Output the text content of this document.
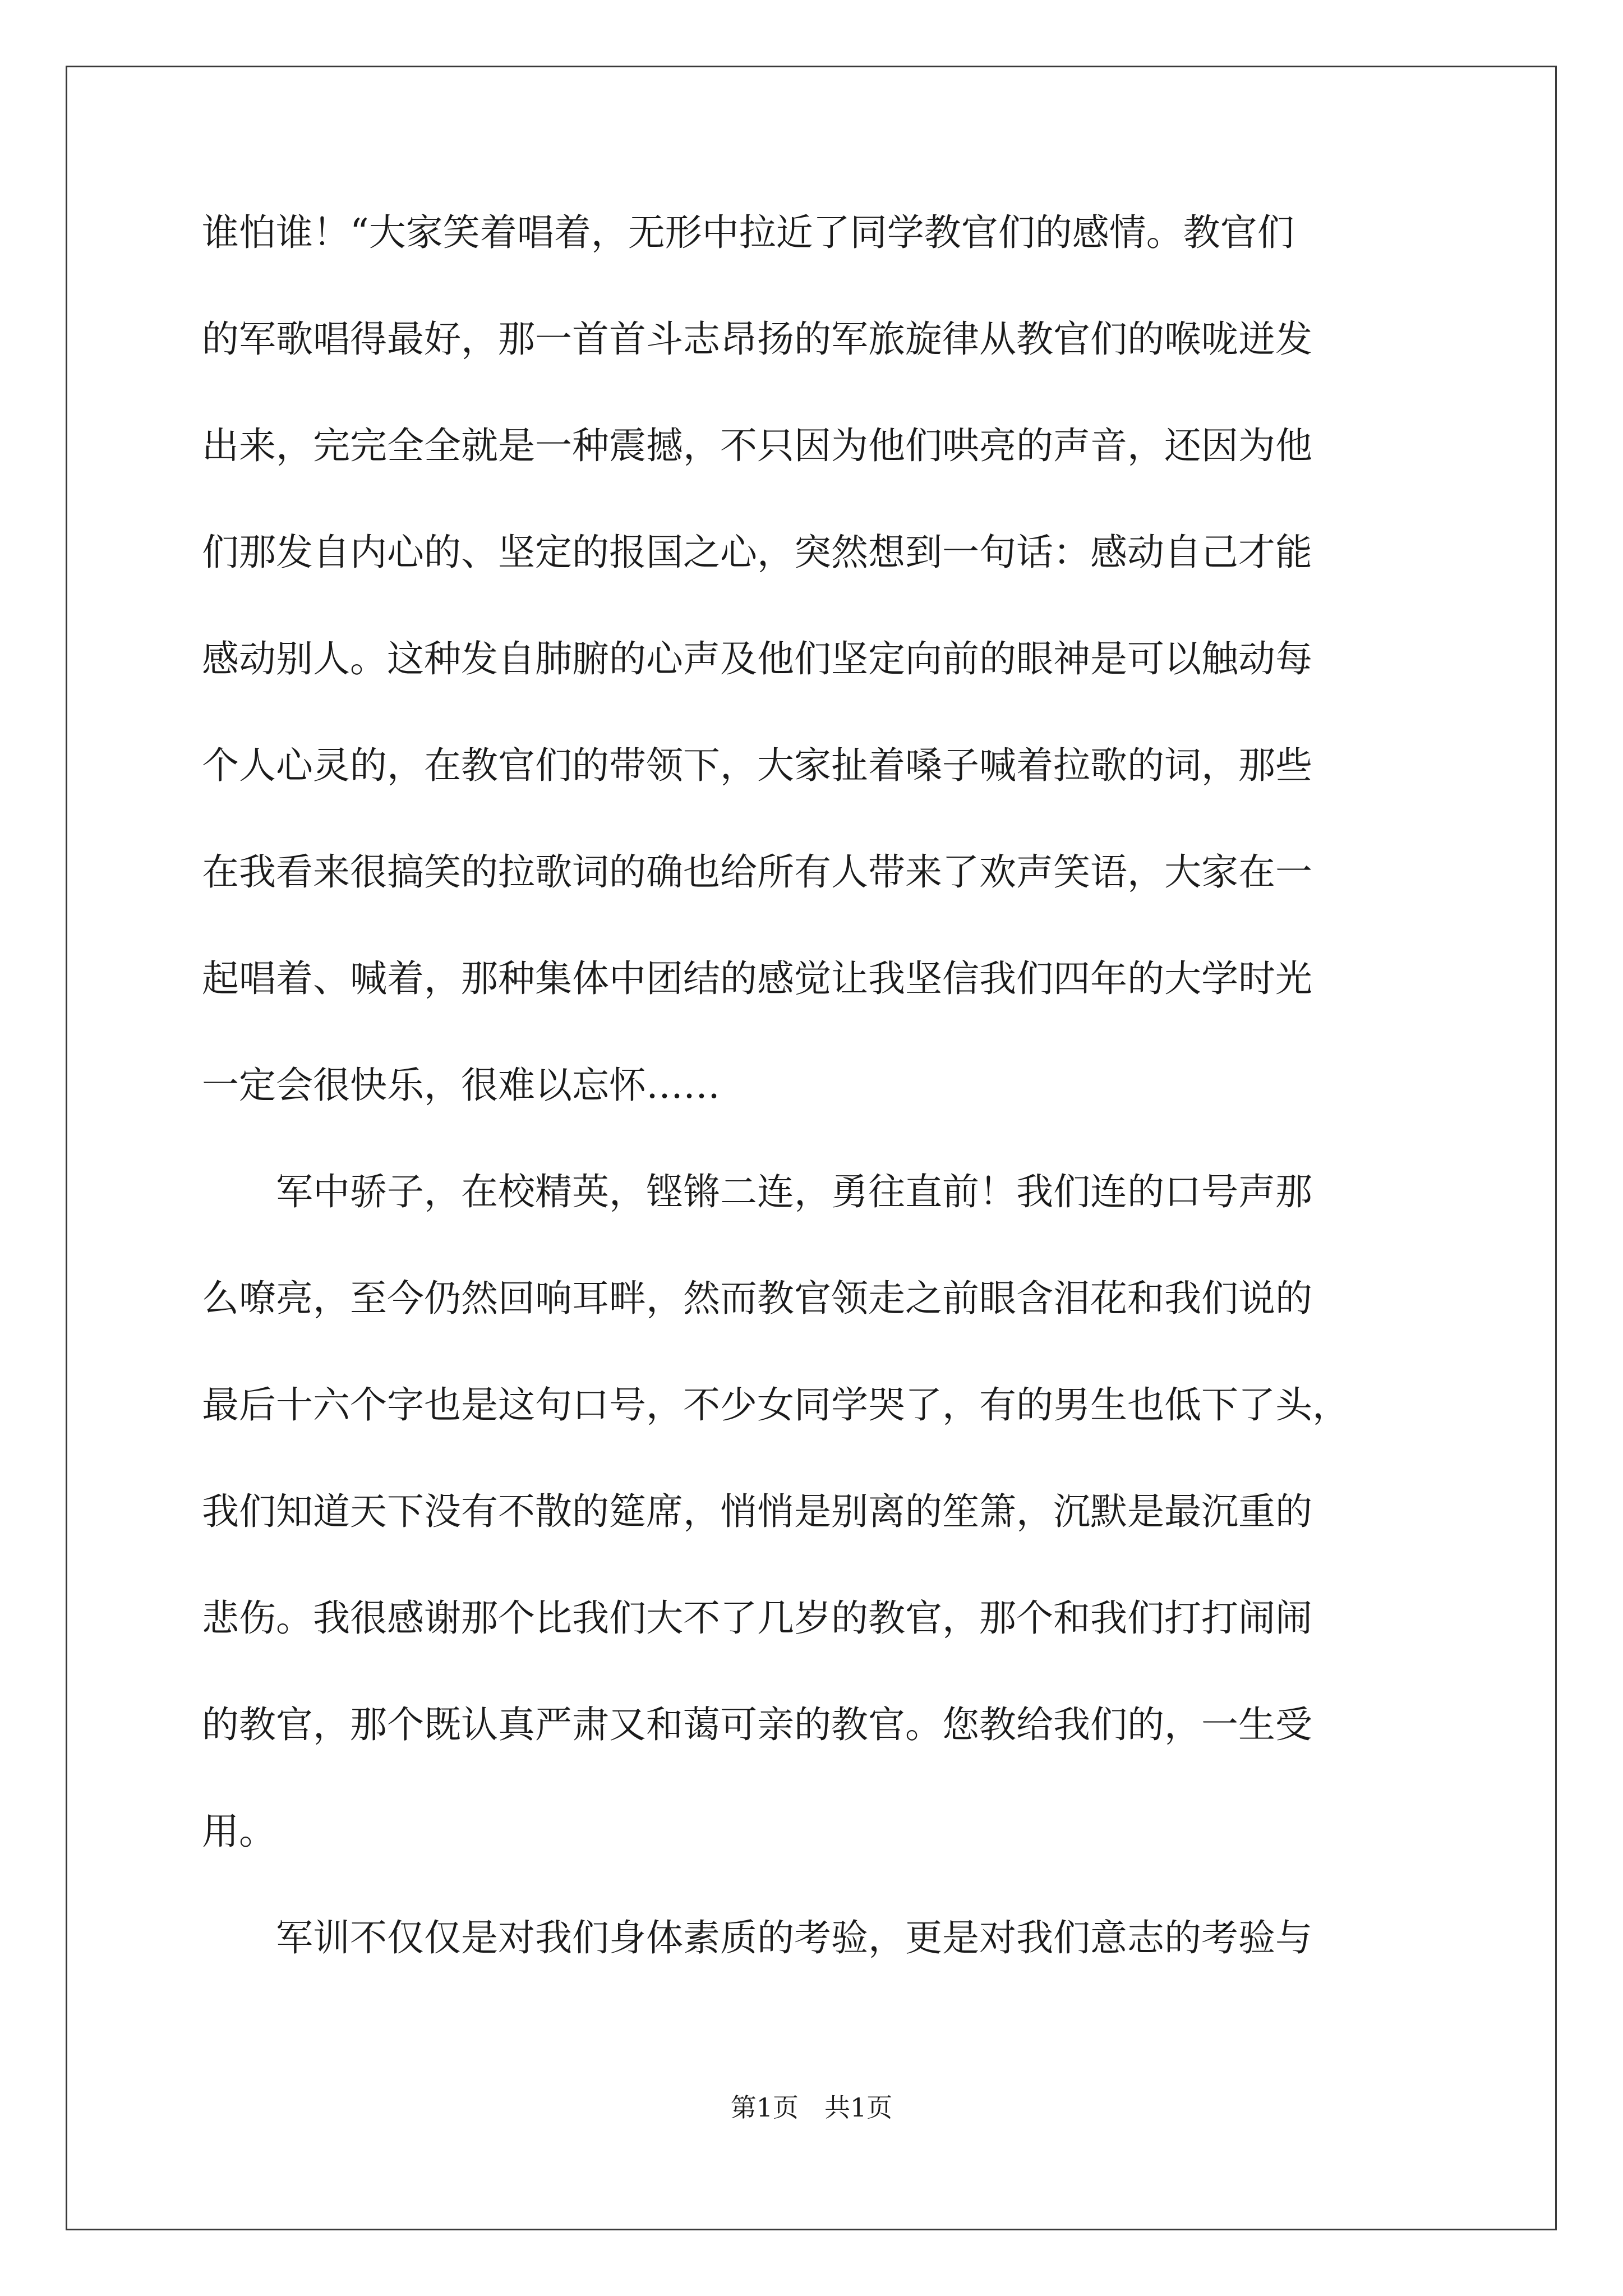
谁怕谁！“大家笑着唱着，无形中拉近了同学教官们的感情。教官们
的军歌唱得最好，那一首首斗志昂扬的军旅旋律从教官们的喉咙迸发
出来，完完全全就是一种震撼，不只因为他们哄亮的声音，还因为他
们那发自内心的、坚定的报国之心，突然想到一句话：感动自己才能
感动别人。这种发自肺腑的心声及他们坚定向前的眼神是可以触动每
个人心灵的，在教官们的带领下，大家扯着嗓子喊着拉歌的词，那些
在我看来很搞笑的拉歌词的确也给所有人带来了欢声笑语，大家在一
起唱着、喊着，那种集体中团结的感觉让我坚信我们四年的大学时光
一定会很快乐，很难以忘怀……
军中骄子，在校精英，铿锵二连，勇往直前！我们连的口号声那
么嘹亮，至今仍然回响耳畔，然而教官领走之前眼含泪花和我们说的
最后十六个字也是这句口号，不少女同学哭了，有的男生也低下了头，
我们知道天下没有不散的筵席，悄悄是别离的笙箫，沉默是最沉重的
悲伤。我很感谢那个比我们大不了几岁的教官，那个和我们打打闹闹
的教官，那个既认真严肃又和蔼可亲的教官。您教给我们的，一生受
用。
军训不仅仅是对我们身体素质的考验，更是对我们意志的考验与
第1页 共1页
